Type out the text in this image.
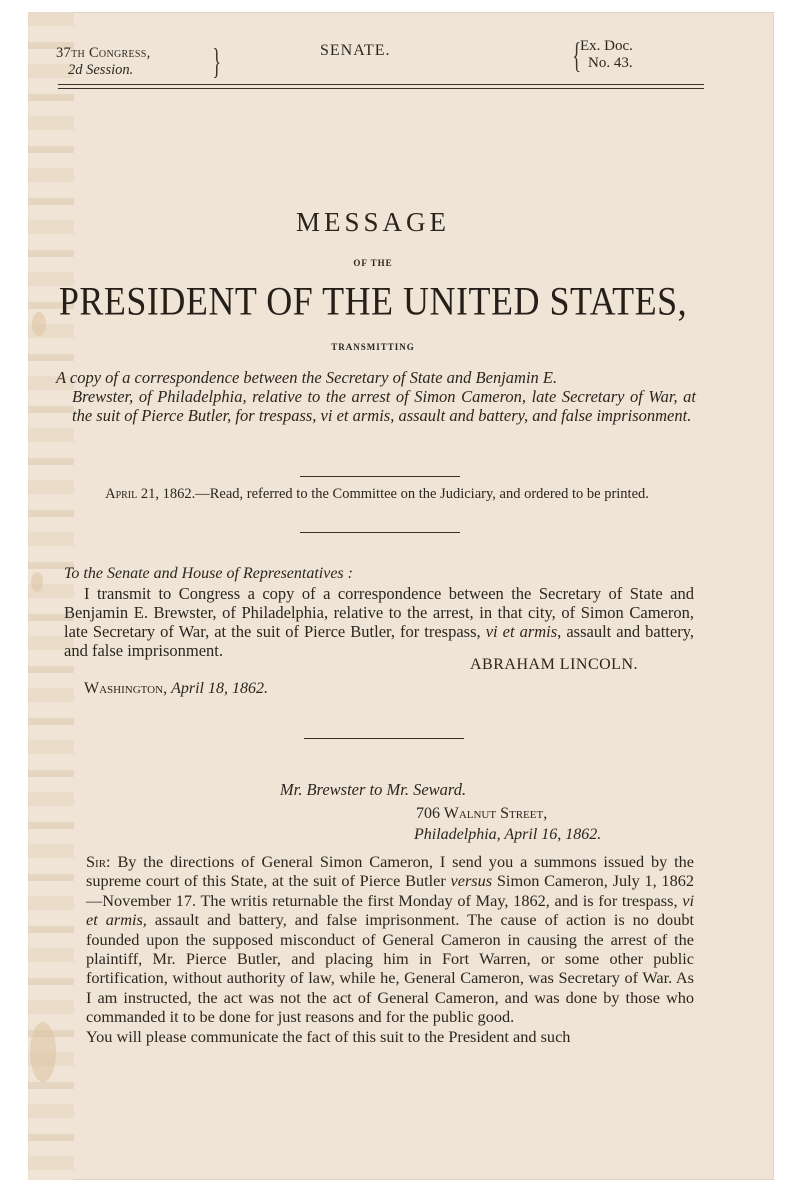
37th Congress,
2d Session.	}	SENATE.	{ Ex. Doc.
No. 43.
MESSAGE
OF THE
PRESIDENT OF THE UNITED STATES,
TRANSMITTING
A copy of a correspondence between the Secretary of State and Benjamin E.
Brewster, of Philadelphia, relative to the arrest of Simon Cameron, late Secretary of War, at the suit of Pierce Butler, for trespass, vi et armis, assault and battery, and false imprisonment.
April 21, 1862.—Read, referred to the Committee on the Judiciary, and ordered to be printed.
To the Senate and House of Representatives :
I transmit to Congress a copy of a correspondence between the Secretary of State and Benjamin E. Brewster, of Philadelphia, relative to the arrest, in that city, of Simon Cameron, late Secretary of War, at the suit of Pierce Butler, for trespass, vi et armis, assault and battery, and false imprisonment.
ABRAHAM LINCOLN.
Washington, April 18, 1862.
Mr. Brewster to Mr. Seward.
706 Walnut Street,
Philadelphia, April 16, 1862.
Sir: By the directions of General Simon Cameron, I send you a summons issued by the supreme court of this State, at the suit of Pierce Butler versus Simon Cameron, July 1, 1862—November 17. The writis returnable the first Monday of May, 1862, and is for trespass, vi et armis, assault and battery, and false imprisonment. The cause of action is no doubt founded upon the supposed misconduct of General Cameron in causing the arrest of the plaintiff, Mr. Pierce Butler, and placing him in Fort Warren, or some other public fortification, without authority of law, while he, General Cameron, was Secretary of War. As I am instructed, the act was not the act of General Cameron, and was done by those who commanded it to be done for just reasons and for the public good.
You will please communicate the fact of this suit to the President and such
